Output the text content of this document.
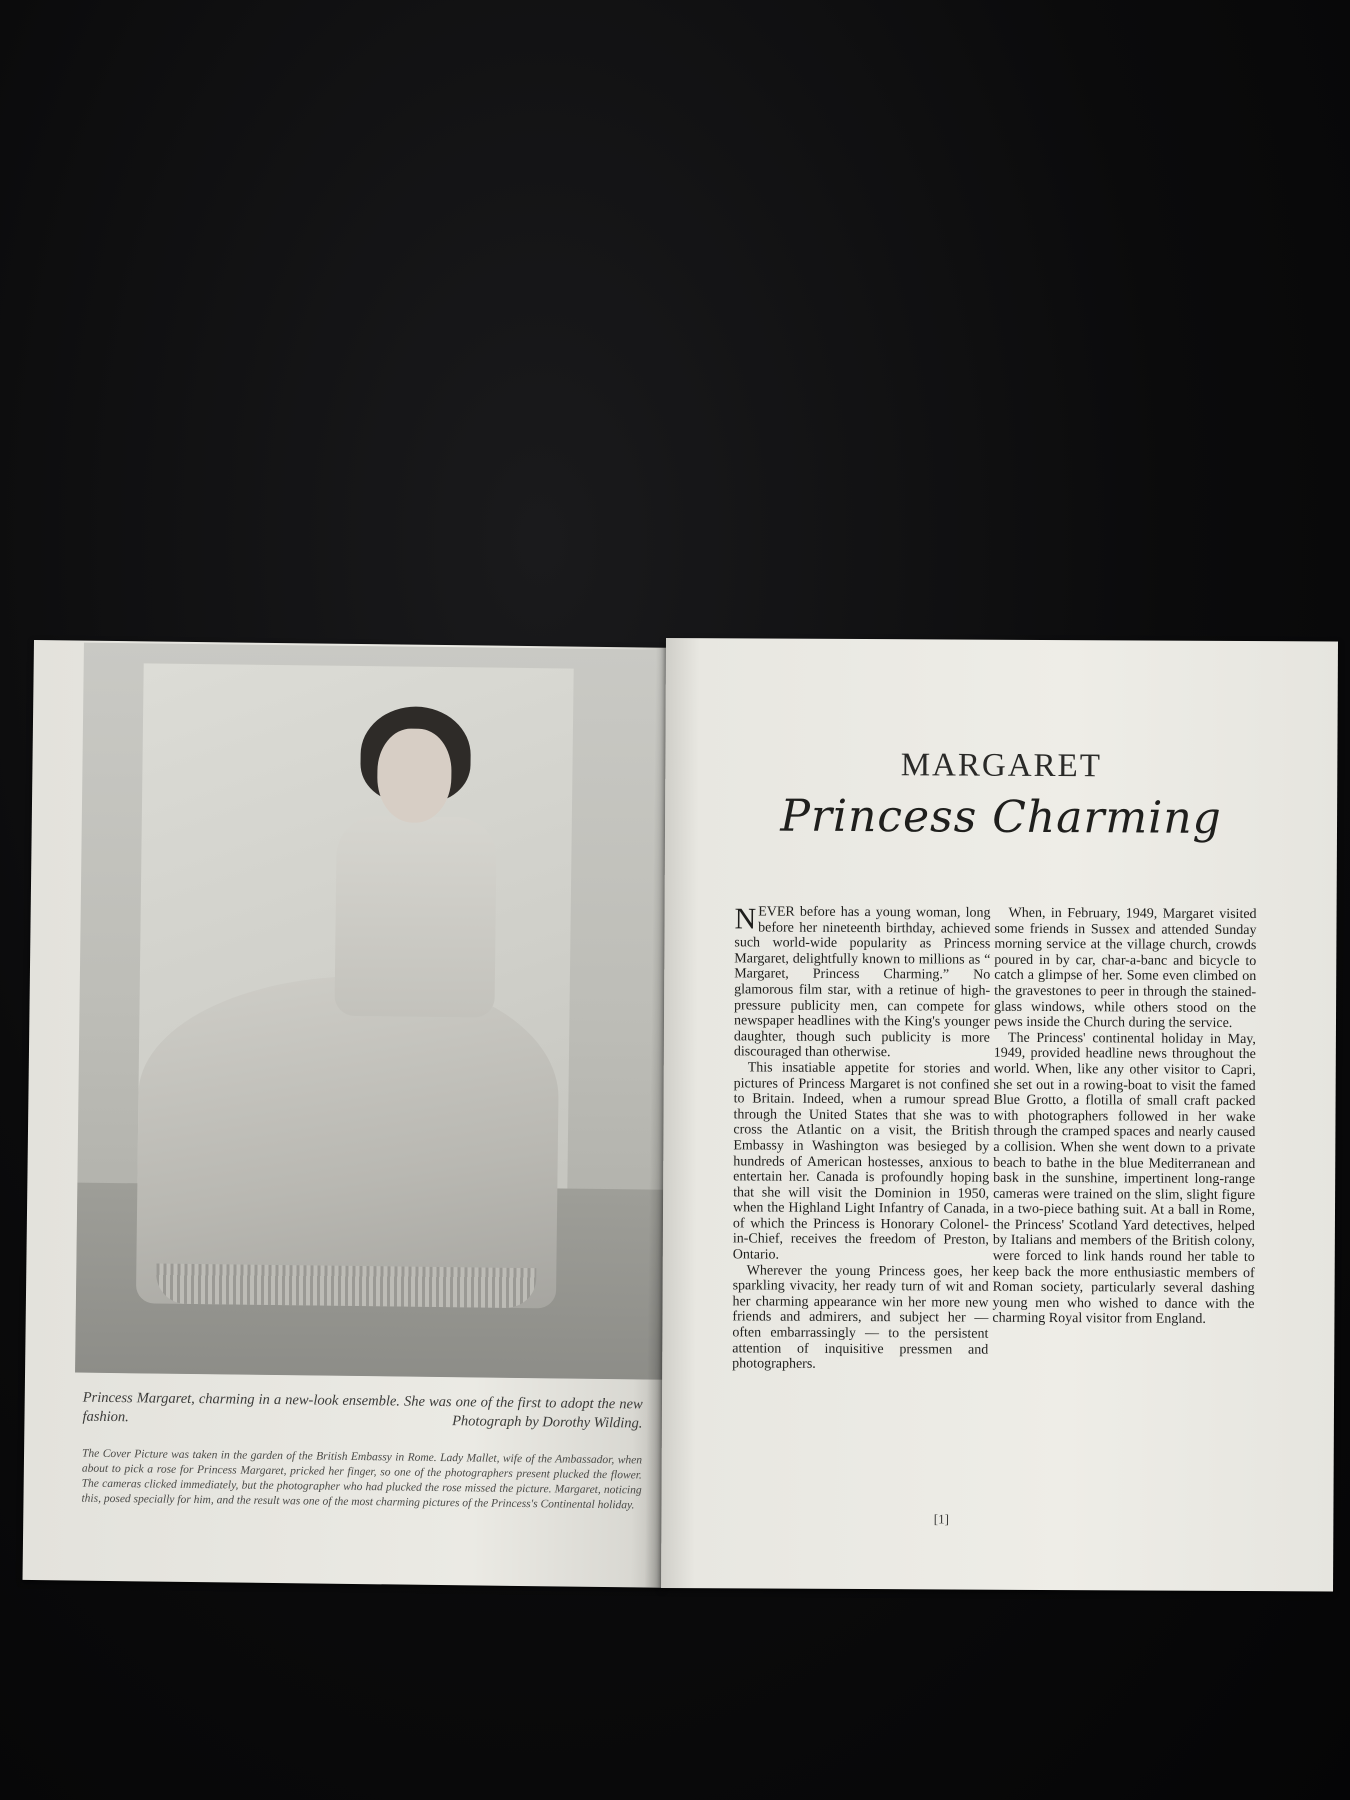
Princess Margaret, charming in a new-look ensemble. She was one of the first to adopt the new fashion.	Photograph by Dorothy Wilding.
The Cover Picture was taken in the garden of the British Embassy in Rome. Lady Mallet, wife of the Ambassador, when about to pick a rose for Princess Margaret, pricked her finger, so one of the photographers present plucked the flower. The cameras clicked immediately, but the photographer who had plucked the rose missed the picture. Margaret, noticing this, posed specially for him, and the result was one of the most charming pictures of the Princess's Continental holiday.
MARGARET
Princess Charming

NEVER before has a young woman, long before her nineteenth birthday, achieved such world-wide popularity as Princess Margaret, delightfully known to millions as “ Margaret, Princess Charming.” No glamorous film star, with a retinue of high-pressure publicity men, can compete for newspaper headlines with the King's younger daughter, though such publicity is more discouraged than otherwise.

This insatiable appetite for stories and pictures of Princess Margaret is not confined to Britain. Indeed, when a rumour spread through the United States that she was to cross the Atlantic on a visit, the British Embassy in Washington was besieged by hundreds of American hostesses, anxious to entertain her. Canada is profoundly hoping that she will visit the Dominion in 1950, when the Highland Light Infantry of Canada, of which the Princess is Honorary Colonel-in-Chief, receives the freedom of Preston, Ontario.

Wherever the young Princess goes, her sparkling vivacity, her ready turn of wit and her charming appearance win her more new friends and admirers, and subject her — often embarrassingly — to the persistent attention of inquisitive pressmen and photographers.

When, in February, 1949, Margaret visited some friends in Sussex and attended Sunday morning service at the village church, crowds poured in by car, char-a-banc and bicycle to catch a glimpse of her. Some even climbed on the gravestones to peer in through the stained-glass windows, while others stood on the pews inside the Church during the service.

The Princess' continental holiday in May, 1949, provided headline news throughout the world. When, like any other visitor to Capri, she set out in a rowing-boat to visit the famed Blue Grotto, a flotilla of small craft packed with photographers followed in her wake through the cramped spaces and nearly caused a collision. When she went down to a private beach to bathe in the blue Mediterranean and bask in the sunshine, impertinent long-range cameras were trained on the slim, slight figure in a two-piece bathing suit. At a ball in Rome, the Princess' Scotland Yard detectives, helped by Italians and members of the British colony, were forced to link hands round her table to keep back the more enthusiastic members of Roman society, particularly several dashing young men who wished to dance with the charming Royal visitor from England.

[1]
